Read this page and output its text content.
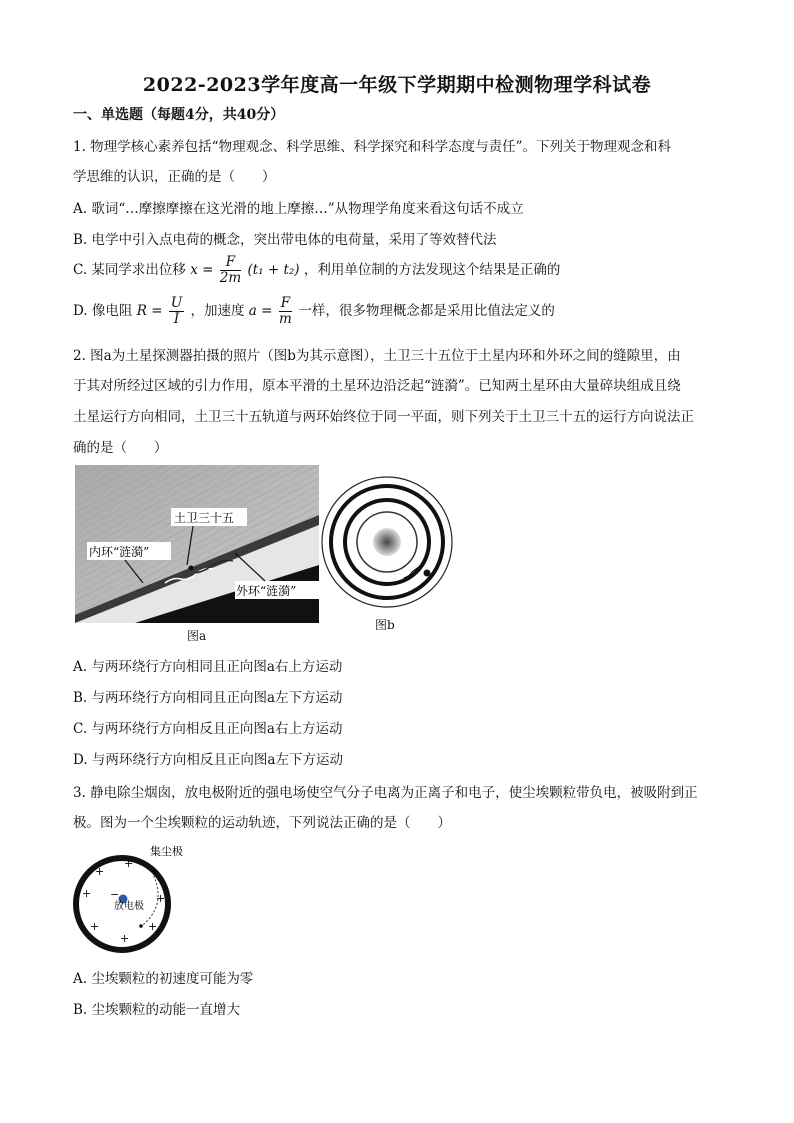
2022-2023学年度高一年级下学期期中检测物理学科试卷
一、单选题（每题4分，共40分）
1. 物理学核心素养包括“物理观念、科学思维、科学探究和科学态度与责任”。下列关于物理观念和科
学思维的认识，正确的是（　　）
A. 歌词“…摩擦摩擦在这光滑的地上摩擦…”从物理学角度来看这句话不成立
B. 电学中引入点电荷的概念，突出带电体的电荷量，采用了等效替代法
C. 某同学求出位移 $x = \frac{F}{2m} (t_1 + t_2)$ ，利用单位制的方法发现这个结果是正确的
D. 像电阻 $R = \frac{U}{I}$ ，加速度 $a = \frac{F}{m}$ 一样，很多物理概念都是采用比值法定义的
2. 图a为土星探测器拍摄的照片（图b为其示意图），土卫三十五位于土星内环和外环之间的缝隙里，由
于其对所经过区域的引力作用，原本平滑的土星环边沿泛起“涟漪”。已知两土星环由大量碎块组成且绕
土星运行方向相同，土卫三十五轨道与两环始终位于同一平面，则下列关于土卫三十五的运行方向说法正
确的是（　　）
土卫三十五
内环“涟漪”
外环“涟漪”
图a
图b
A. 与两环绕行方向相同且正向图a右上方运动
B. 与两环绕行方向相同且正向图a左下方运动
C. 与两环绕行方向相反且正向图a右上方运动
D. 与两环绕行方向相反且正向图a左下方运动
3. 静电除尘烟囱，放电极附近的强电场使空气分子电离为正离子和电子，使尘埃颗粒带负电，被吸附到正
极。图为一个尘埃颗粒的运动轨迹，下列说法正确的是（　　）
集尘极
放电极
−
+
+	+
+	+
+	+
+
A. 尘埃颗粒的初速度可能为零
B. 尘埃颗粒的动能一直增大
